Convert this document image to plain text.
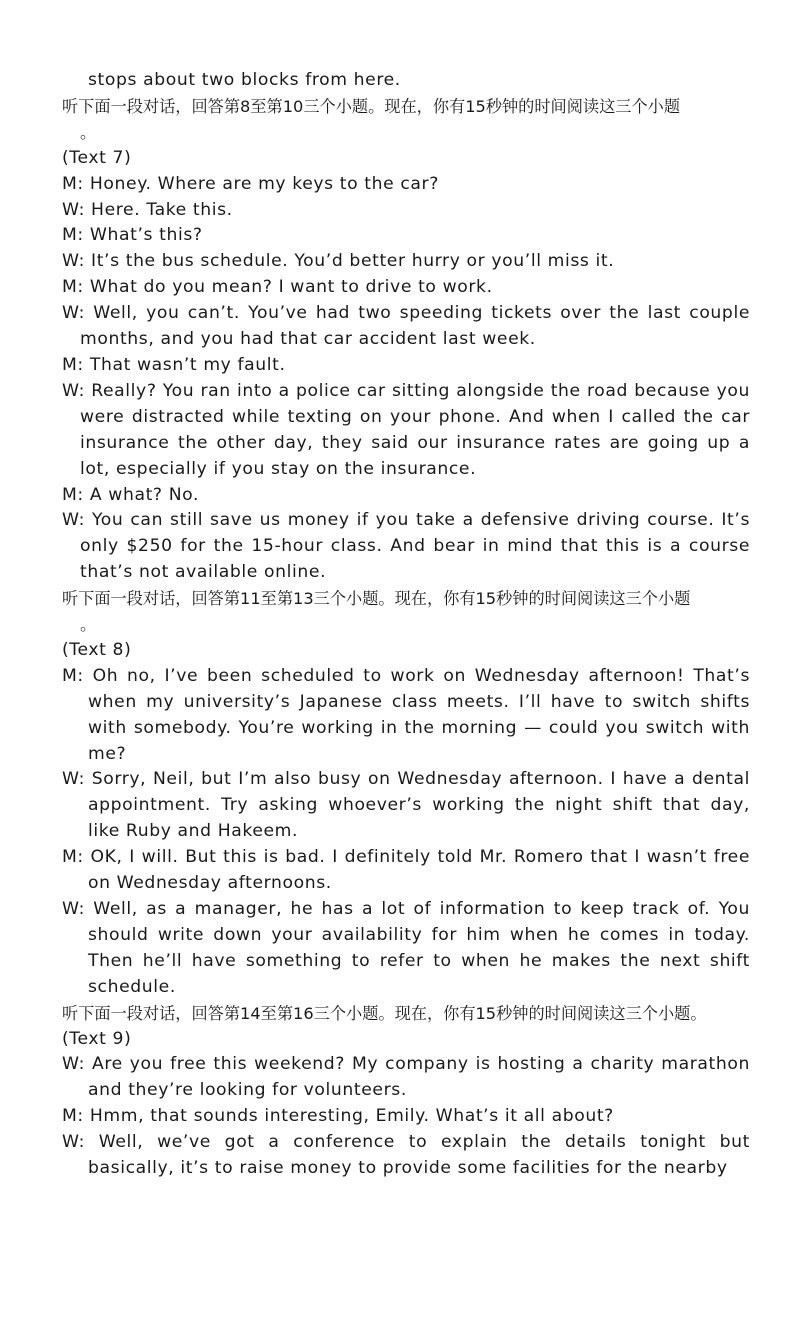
stops about two blocks from here.

听下面一段对话，回答第8至第10三个小题。现在，你有15秒钟的时间阅读这三个小题

。

(Text 7)

M: Honey. Where are my keys to the car?

W: Here. Take this.

M: What’s this?

W: It’s the bus schedule. You’d better hurry or you’ll miss it.

M: What do you mean? I want to drive to work.

W: Well, you can’t. You’ve had two speeding tickets over the last couple months, and you had that car accident last week.

M: That wasn’t my fault.

W: Really? You ran into a police car sitting alongside the road because you were distracted while texting on your phone. And when I called the car insurance the other day, they said our insurance rates are going up a lot, especially if you stay on the insurance.

M: A what? No.

W: You can still save us money if you take a defensive driving course. It’s only $250 for the 15-hour class. And bear in mind that this is a course that’s not available online.

听下面一段对话，回答第11至第13三个小题。现在，你有15秒钟的时间阅读这三个小题

。

(Text 8)

M: Oh no, I’ve been scheduled to work on Wednesday afternoon! That’s when my university’s Japanese class meets. I’ll have to switch shifts with somebody. You’re working in the morning — could you switch with me?

W: Sorry, Neil, but I’m also busy on Wednesday afternoon. I have a dental appointment. Try asking whoever’s working the night shift that day, like Ruby and Hakeem.

M: OK, I will. But this is bad. I definitely told Mr. Romero that I wasn’t free on Wednesday afternoons.

W: Well, as a manager, he has a lot of information to keep track of. You should write down your availability for him when he comes in today. Then he’ll have something to refer to when he makes the next shift schedule.

听下面一段对话，回答第14至第16三个小题。现在，你有15秒钟的时间阅读这三个小题。

(Text 9)

W: Are you free this weekend? My company is hosting a charity marathon and they’re looking for volunteers.

M: Hmm, that sounds interesting, Emily. What’s it all about?

W: Well, we’ve got a conference to explain the details tonight but basically, it’s to raise money to provide some facilities for the nearby
